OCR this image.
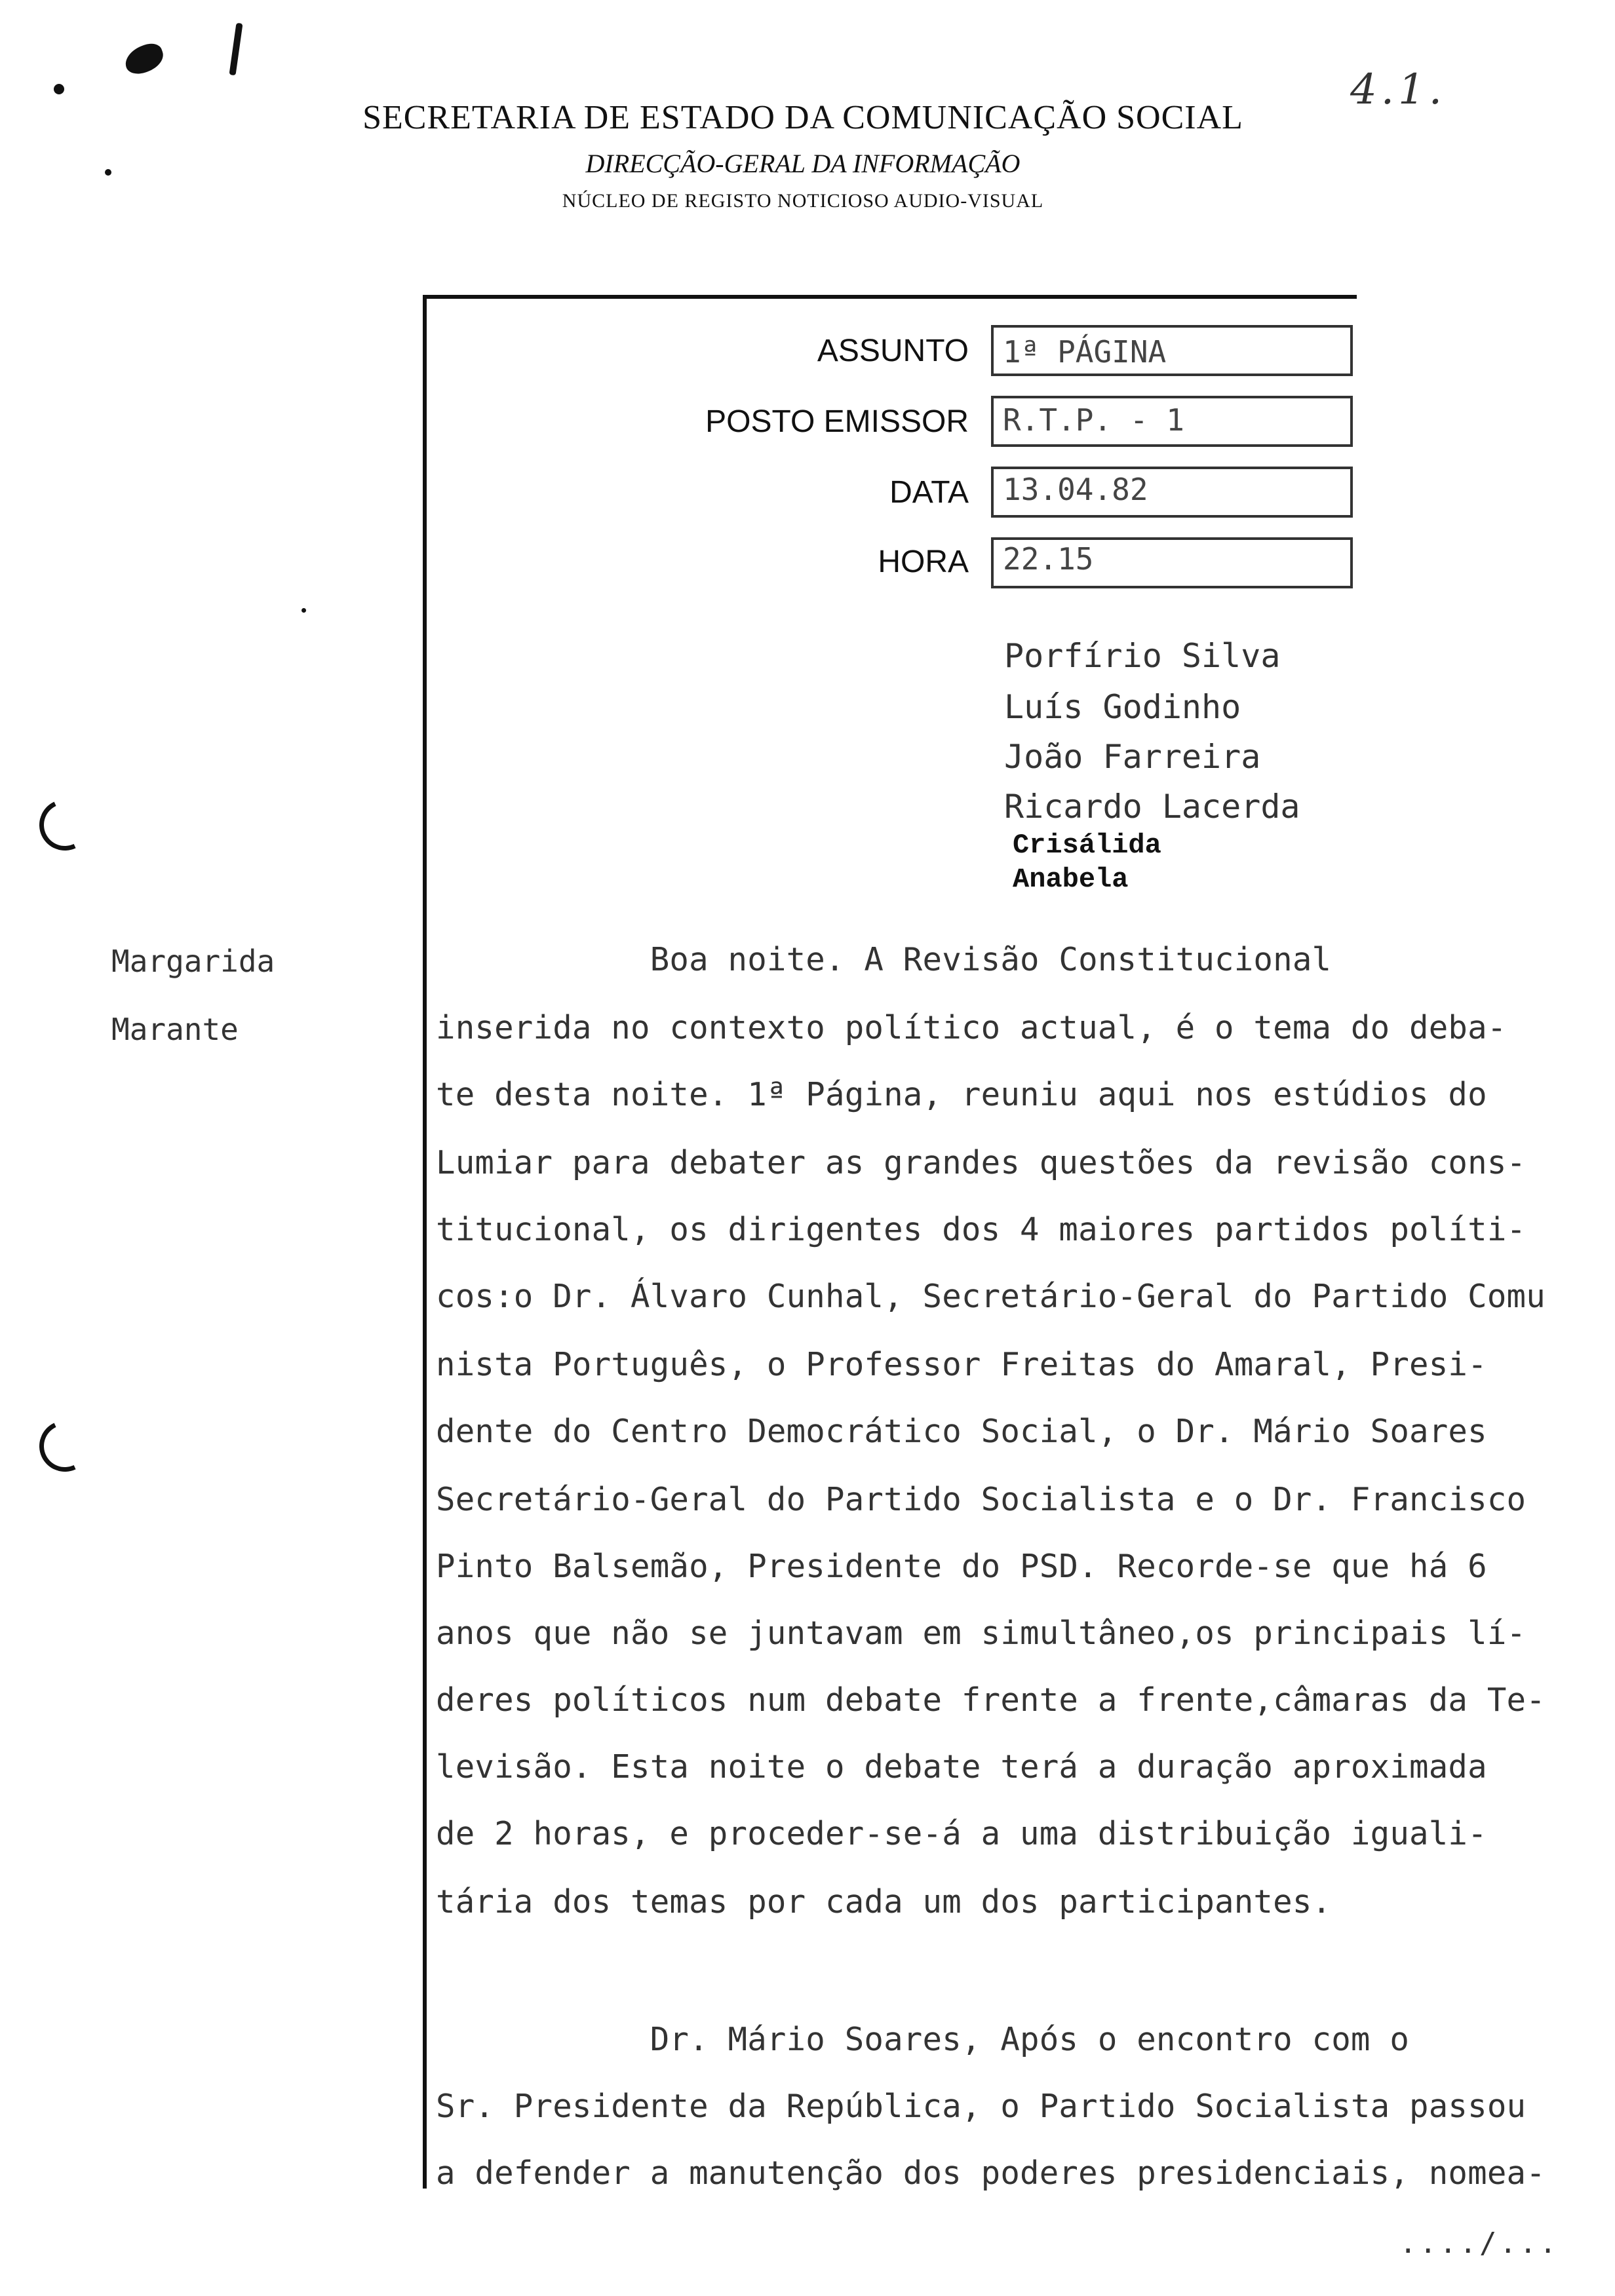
SECRETARIA DE ESTADO DA COMUNICAÇÃO SOCIAL
DIRECÇÃO-GERAL DA INFORMAÇÃO
NÚCLEO DE REGISTO NOTICIOSO AUDIO-VISUAL
4.1.
ASSUNTO 1ª PÁGINA
POSTO EMISSOR R.T.P. - 1
DATA 13.04.82
HORA 22.15
Porfírio Silva
Luís Godinho
João Farreira
Ricardo Lacerda
Crisálida
Anabela
Margarida
Marante
Boa noite. A Revisão Constitucional
inserida no contexto político actual, é o tema do deba-
te desta noite. 1ª Página, reuniu aqui nos estúdios do
Lumiar para debater as grandes questões da revisão cons-
titucional, os dirigentes dos 4 maiores partidos políti-
cos:o Dr. Álvaro Cunhal, Secretário-Geral do Partido Comu
nista Português, o Professor Freitas do Amaral, Presi-
dente do Centro Democrático Social, o Dr. Mário Soares
Secretário-Geral do Partido Socialista e o Dr. Francisco
Pinto Balsemão, Presidente do PSD. Recorde-se que há 6
anos que não se juntavam em simultâneo,os principais lí-
deres políticos num debate frente a frente,câmaras da Te-
levisão. Esta noite o debate terá a duração aproximada
de 2 horas, e proceder-se-á a uma distribuição iguali-
tária dos temas por cada um dos participantes.
Dr. Mário Soares, Após o encontro com o
Sr. Presidente da República, o Partido Socialista passou
a defender a manutenção dos poderes presidenciais, nomea-
..../...
